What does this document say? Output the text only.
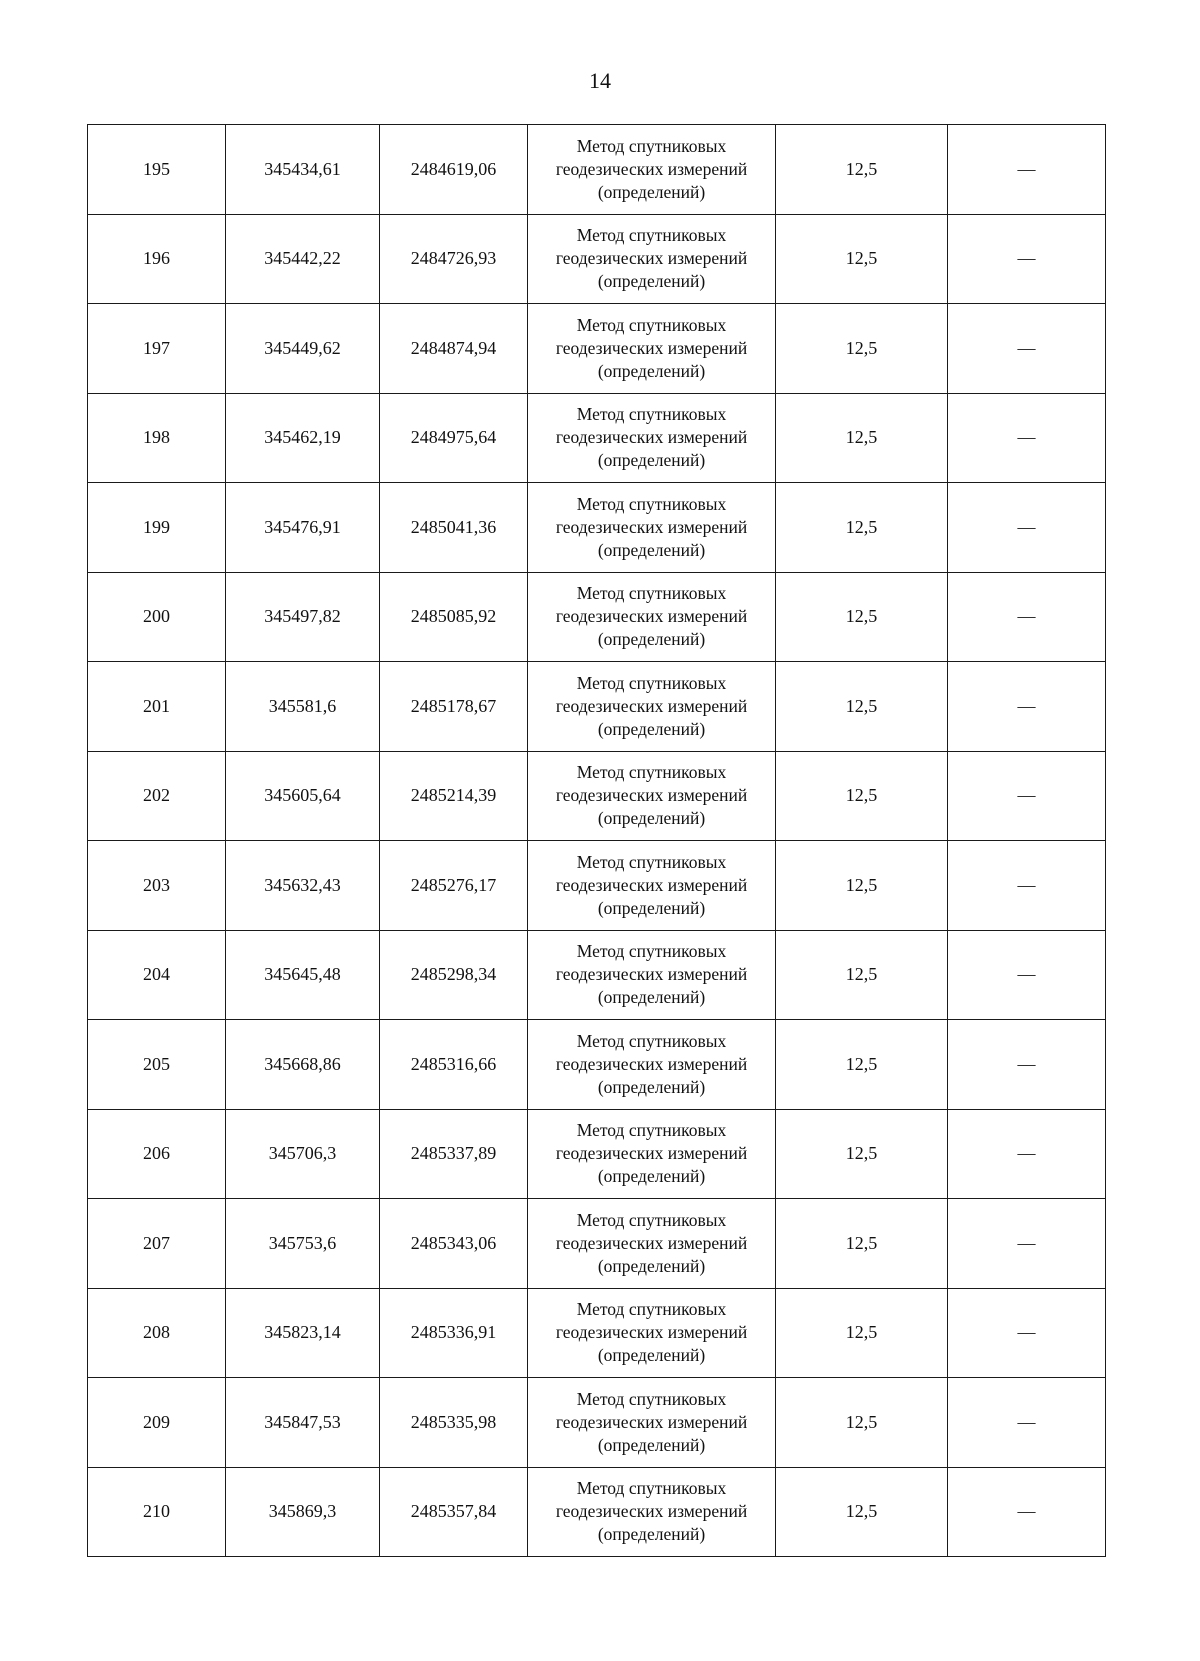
14
195	345434,61	2484619,06	Метод спутниковых
геодезических измерений
(определений)	12,5	—
196	345442,22	2484726,93	Метод спутниковых
геодезических измерений
(определений)	12,5	—
197	345449,62	2484874,94	Метод спутниковых
геодезических измерений
(определений)	12,5	—
198	345462,19	2484975,64	Метод спутниковых
геодезических измерений
(определений)	12,5	—
199	345476,91	2485041,36	Метод спутниковых
геодезических измерений
(определений)	12,5	—
200	345497,82	2485085,92	Метод спутниковых
геодезических измерений
(определений)	12,5	—
201	345581,6	2485178,67	Метод спутниковых
геодезических измерений
(определений)	12,5	—
202	345605,64	2485214,39	Метод спутниковых
геодезических измерений
(определений)	12,5	—
203	345632,43	2485276,17	Метод спутниковых
геодезических измерений
(определений)	12,5	—
204	345645,48	2485298,34	Метод спутниковых
геодезических измерений
(определений)	12,5	—
205	345668,86	2485316,66	Метод спутниковых
геодезических измерений
(определений)	12,5	—
206	345706,3	2485337,89	Метод спутниковых
геодезических измерений
(определений)	12,5	—
207	345753,6	2485343,06	Метод спутниковых
геодезических измерений
(определений)	12,5	—
208	345823,14	2485336,91	Метод спутниковых
геодезических измерений
(определений)	12,5	—
209	345847,53	2485335,98	Метод спутниковых
геодезических измерений
(определений)	12,5	—
210	345869,3	2485357,84	Метод спутниковых
геодезических измерений
(определений)	12,5	—
